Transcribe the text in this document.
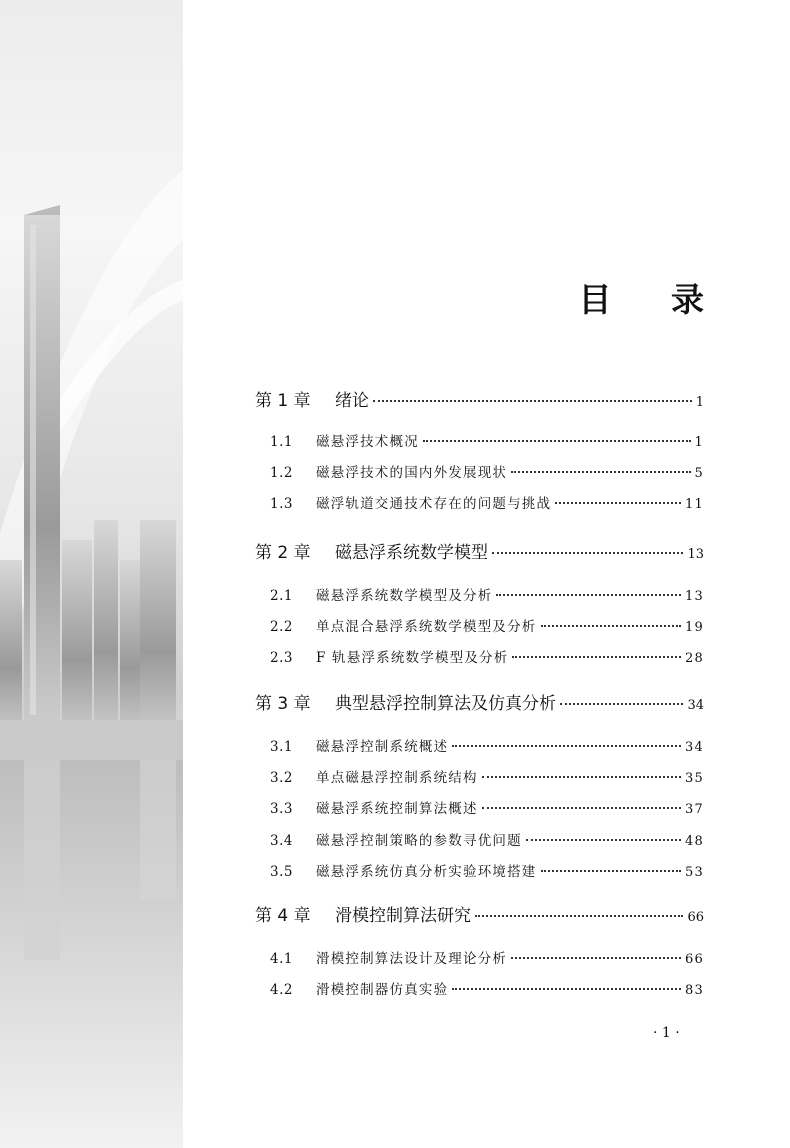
目 录
第 1 章	绪论	1
1.1	磁悬浮技术概况	1
1.2	磁悬浮技术的国内外发展现状	5
1.3	磁浮轨道交通技术存在的问题与挑战	11
第 2 章	磁悬浮系统数学模型	13
2.1	磁悬浮系统数学模型及分析	13
2.2	单点混合悬浮系统数学模型及分析	19
2.3	F 轨悬浮系统数学模型及分析	28
第 3 章	典型悬浮控制算法及仿真分析	34
3.1	磁悬浮控制系统概述	34
3.2	单点磁悬浮控制系统结构	35
3.3	磁悬浮系统控制算法概述	37
3.4	磁悬浮控制策略的参数寻优问题	48
3.5	磁悬浮系统仿真分析实验环境搭建	53
第 4 章	滑模控制算法研究	66
4.1	滑模控制算法设计及理论分析	66
4.2	滑模控制器仿真实验	83
· 1 ·
